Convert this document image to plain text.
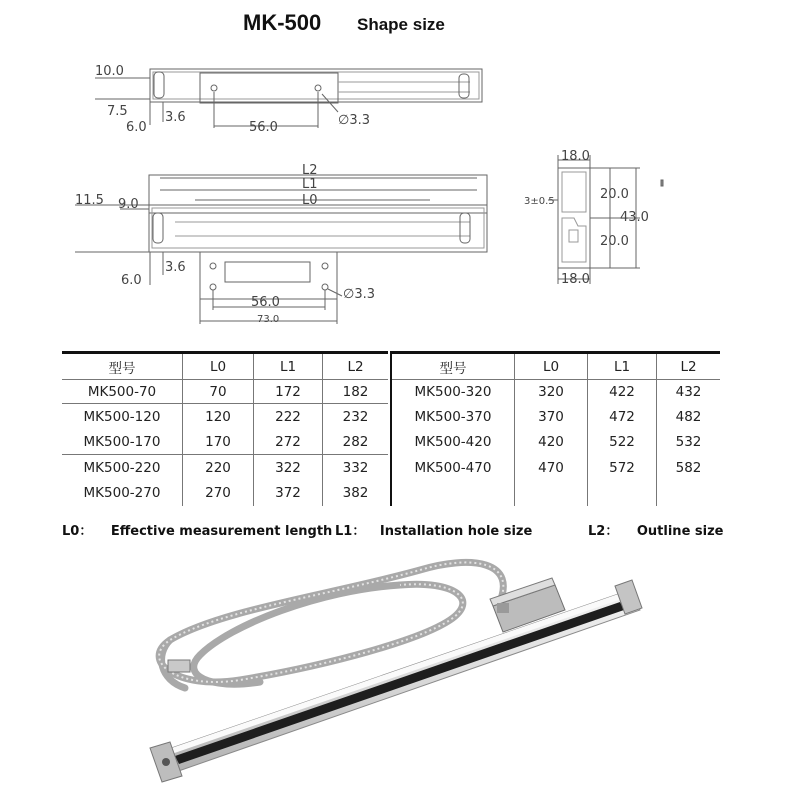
MK-500 Shape size
10.0
7.5
6.0
3.6
56.0	∅3.3
L2
L1
L0
11.5 9.0
6.0
3.6
56.0
∅3.3
73.0
18.0
3±0.5	20.0
43.0
20.0
18.0
型号	L0	L1	L2
MK500-70	70	172	182
MK500-120	120	222	232
MK500-170	170	272	282
MK500-220	220	322	332
MK500-270	270	372	382
型号	L0	L1	L2
MK500-320	320	422	432
MK500-370	370	472	482
MK500-420	420	522	532
MK500-470	470	572	582

L0： Effective measurement length L1： Installation hole size	L2： Outline size
